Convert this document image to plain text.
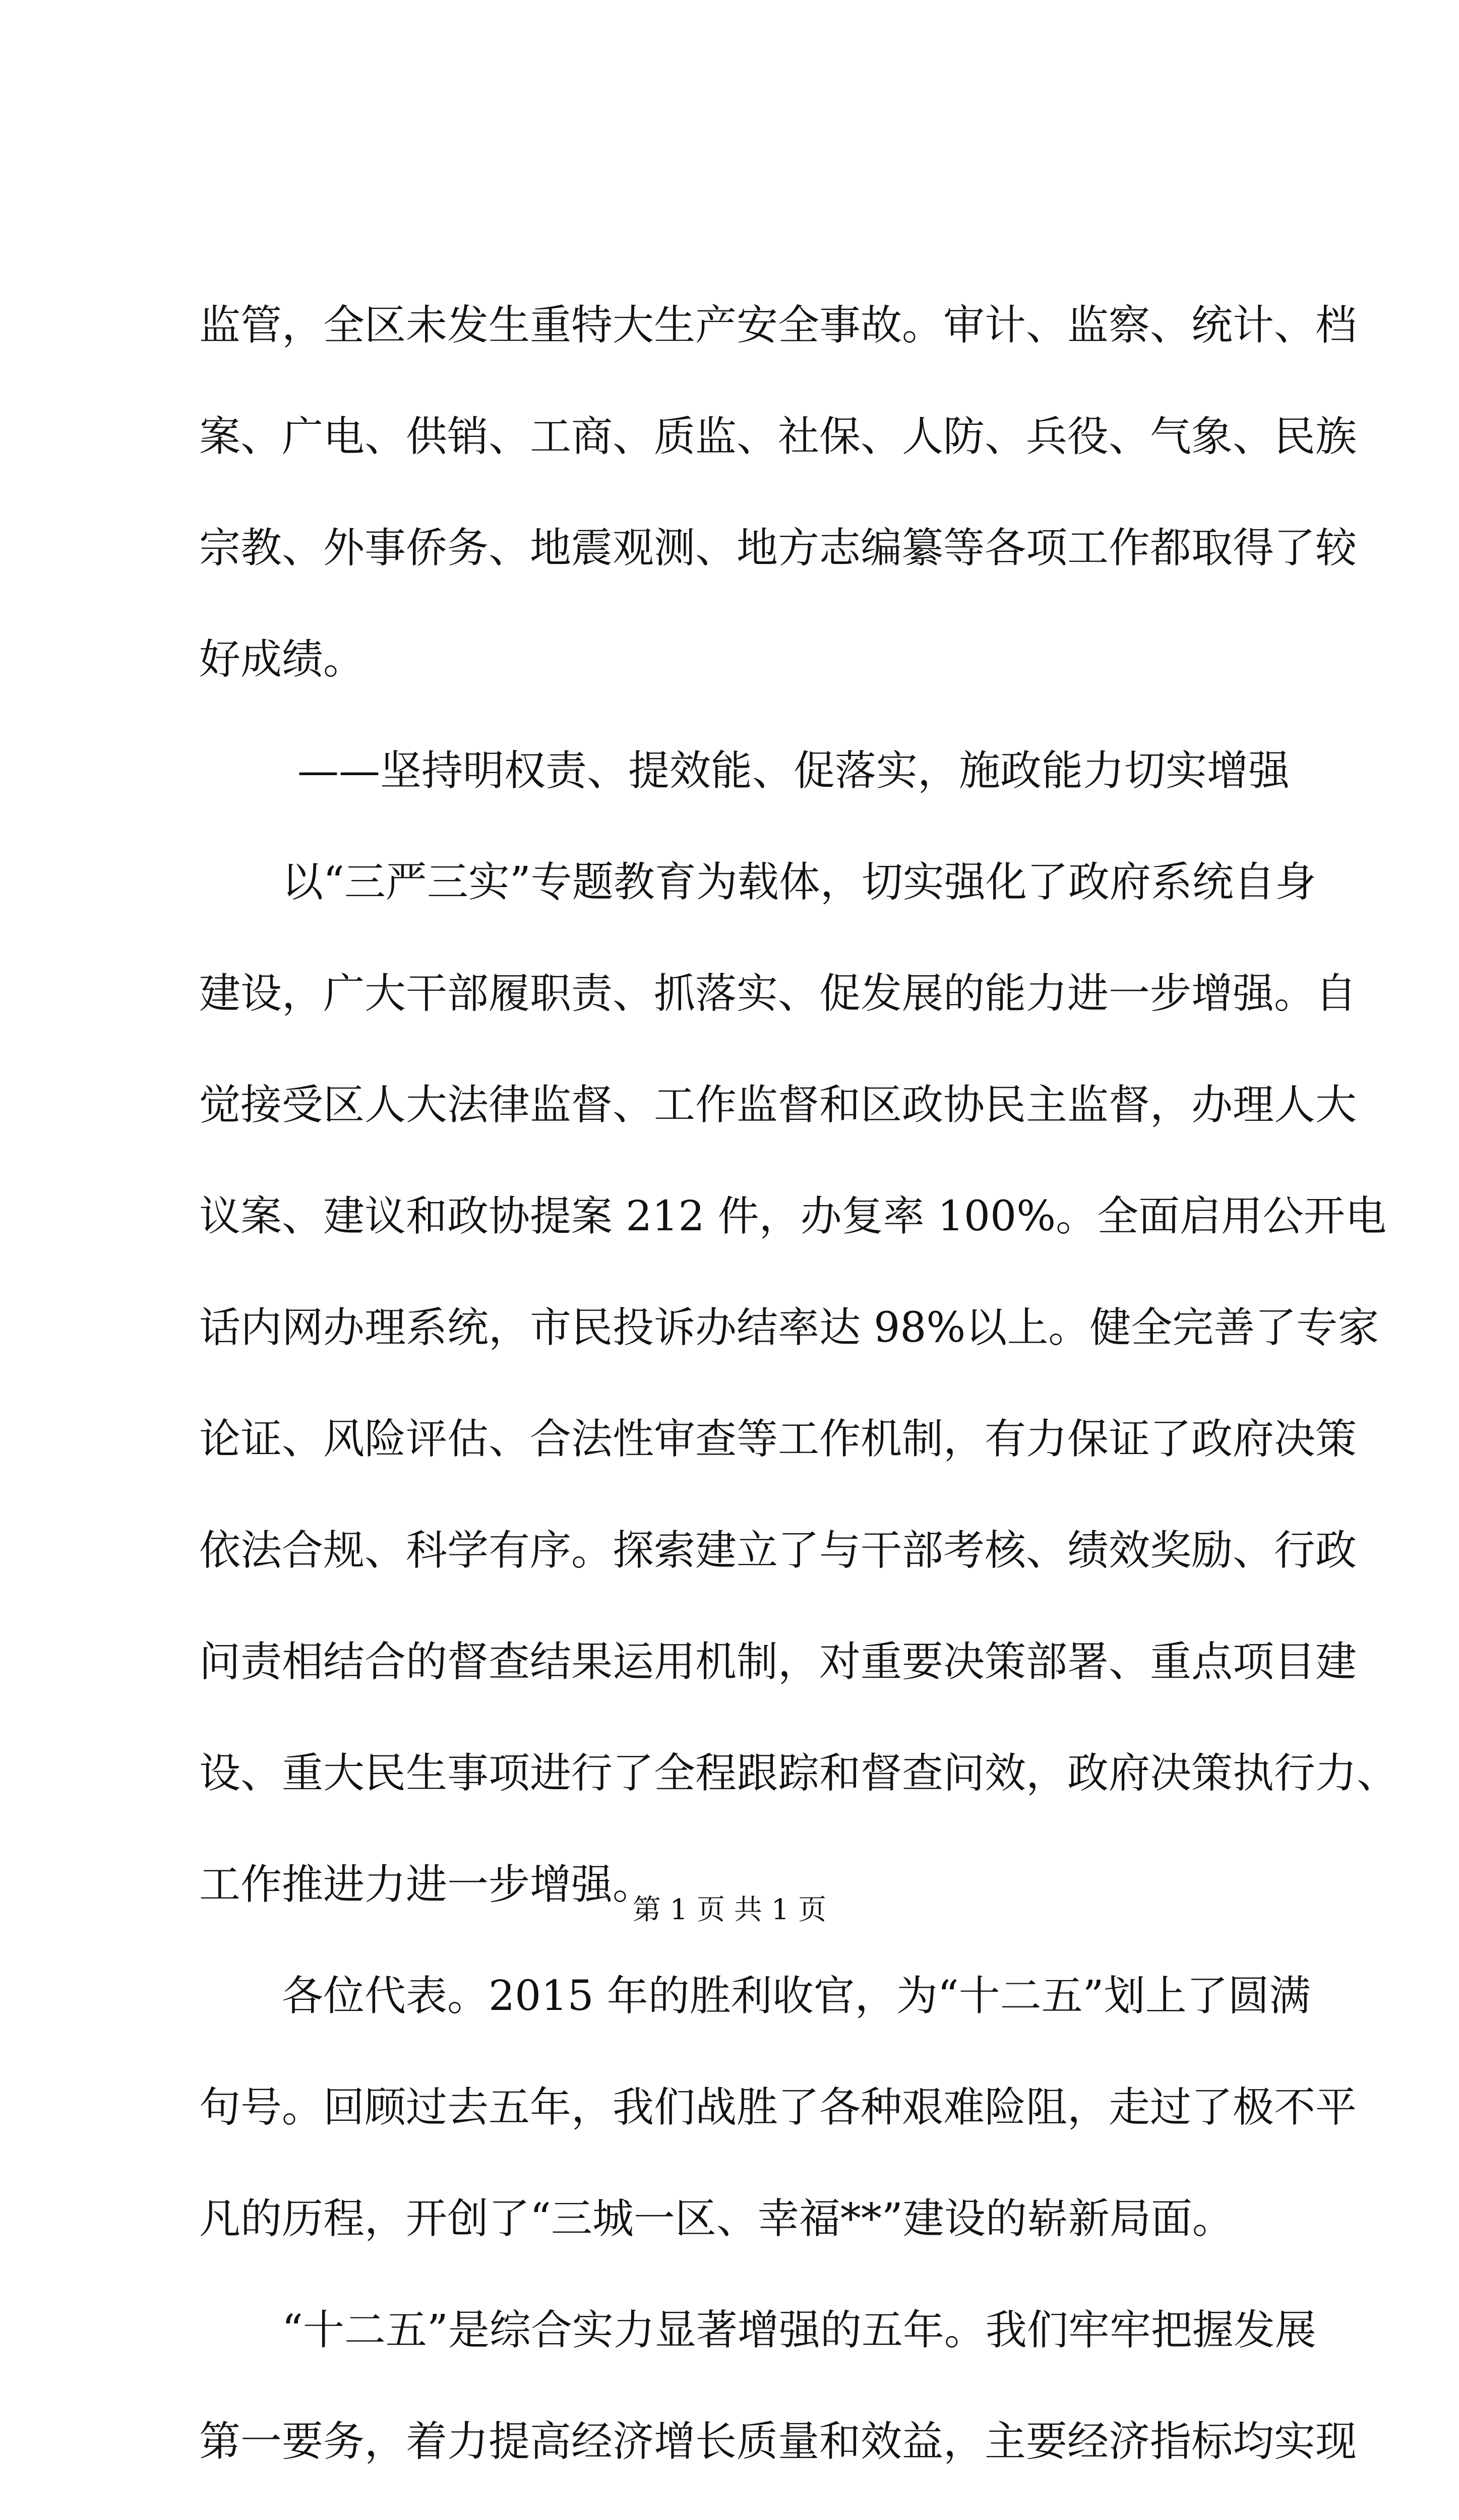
监管，全区未发生重特大生产安全事故。审计、监察、统计、档
案、广电、供销、工商、质监、社保、人防、兵役、气象、民族
宗教、外事侨务、地震观测、地方志编纂等各项工作都取得了较
好成绩。
——坚持明权责、提效能、促落实，施政能力切实增强
以“三严三实”专题教育为载体，切实强化了政府系统自身
建设，广大干部履职责、抓落实、促发展的能力进一步增强。自
觉接受区人大法律监督、工作监督和区政协民主监督，办理人大
议案、建议和政协提案 212 件，办复率 100%。全面启用公开电
话内网办理系统，市民投诉办结率达 98%以上。健全完善了专家
论证、风险评估、合法性审查等工作机制，有力保证了政府决策
依法合规、科学有序。探索建立了与干部考核、绩效奖励、行政
问责相结合的督查结果运用机制，对重要决策部署、重点项目建
设、重大民生事项进行了全程跟踪和督查问效，政府决策执行力、
工作推进力进一步增强。
各位代表。2015 年的胜利收官，为“十二五”划上了圆满
句号。回顾过去五年，我们战胜了各种艰难险阻，走过了极不平
凡的历程，开创了“三城一区、幸福**”建设的崭新局面。
“十二五”是综合实力显著增强的五年。我们牢牢把握发展
第一要务，着力提高经济增长质量和效益，主要经济指标均实现
第 1 页 共 1 页
